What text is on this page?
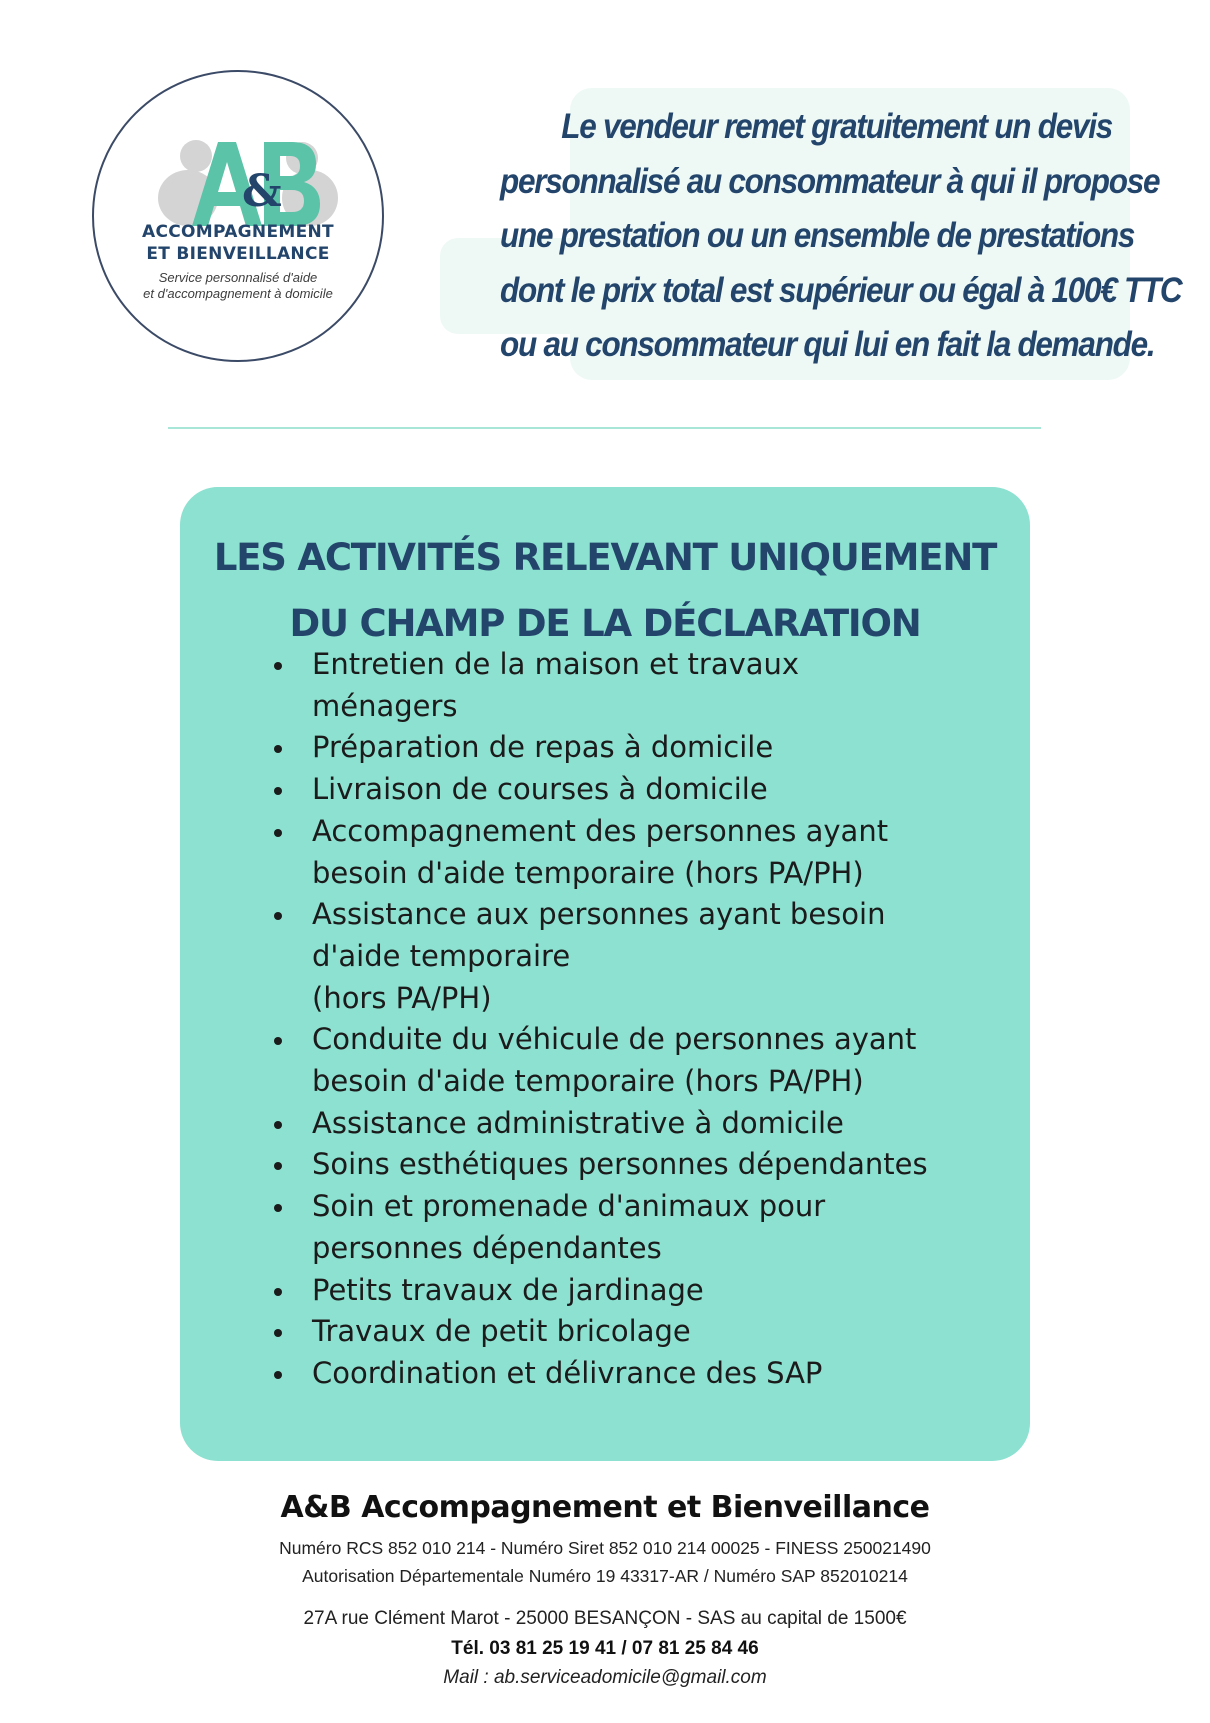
&
ACCOMPAGNEMENT
ET BIENVEILLANCE
Service personnalisé d'aide
et d'accompagnement à domicile
Le vendeur remet gratuitement un devis
personnalisé au consommateur à qui il propose
une prestation ou un ensemble de prestations
dont le prix total est supérieur ou égal à 100€ TTC
ou au consommateur qui lui en fait la demande.
LES ACTIVITÉS RELEVANT UNIQUEMENT
DU CHAMP DE LA DÉCLARATION
Entretien de la maison et travaux
ménagers
Préparation de repas à domicile
Livraison de courses à domicile
Accompagnement des personnes ayant
besoin d'aide temporaire (hors PA/PH)
Assistance aux personnes ayant besoin
d'aide temporaire
(hors PA/PH)
Conduite du véhicule de personnes ayant
besoin d'aide temporaire (hors PA/PH)
Assistance administrative à domicile
Soins esthétiques personnes dépendantes
Soin et promenade d'animaux pour
personnes dépendantes
Petits travaux de jardinage
Travaux de petit bricolage
Coordination et délivrance des SAP
A&B Accompagnement et Bienveillance
Numéro RCS 852 010 214 - Numéro Siret 852 010 214 00025 - FINESS 250021490
Autorisation Départementale Numéro 19 43317-AR / Numéro SAP 852010214
27A rue Clément Marot - 25000 BESANÇON - SAS au capital de 1500€
Tél. 03 81 25 19 41 / 07 81 25 84 46
Mail : ab.serviceadomicile@gmail.com
